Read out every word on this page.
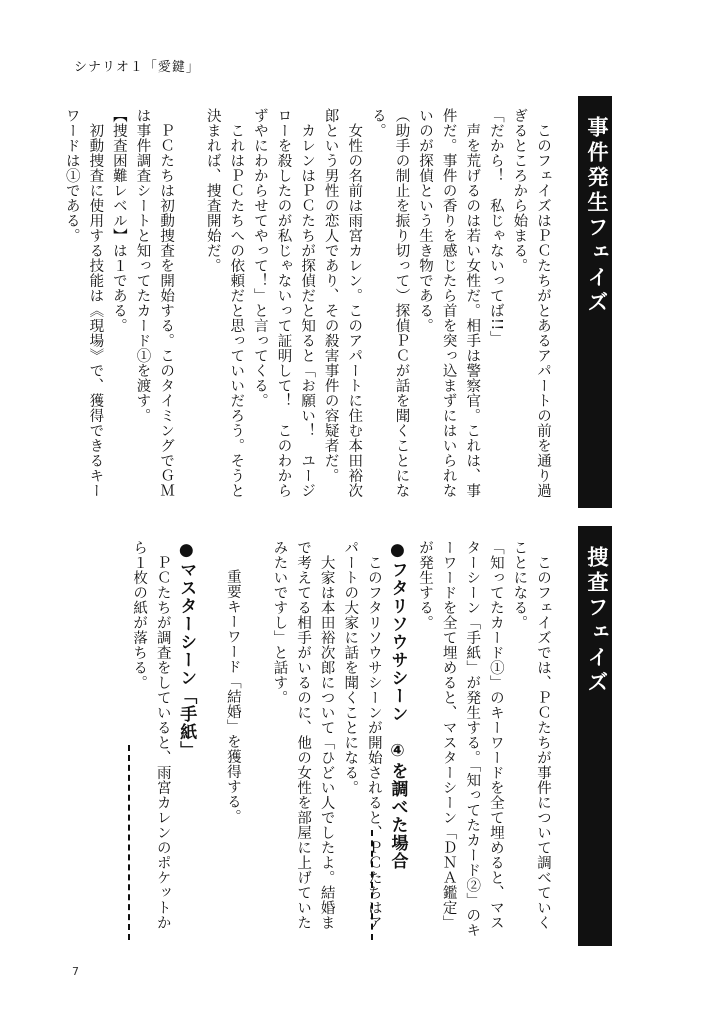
シナリオ１「愛鍵」
事件発生フェイズ

このフェイズはＰＣたちがとあるアパートの前を通り過ぎるところから始まる。

「だから！　私じゃないってば!!」

声を荒げるのは若い女性だ。相手は警察官。これは、事件だ。事件の香りを感じたら首を突っ込まずにはいられないのが探偵という生き物である。

（助手の制止を振り切って）探偵ＰＣが話を聞くことになる。

女性の名前は雨宮カレン。このアパートに住む本田裕次郎という男性の恋人であり、その殺害事件の容疑者だ。

カレンはＰＣたちが探偵だと知ると「お願い！　ユージローを殺したのが私じゃないって証明して！　このわからずやにわからせてやって！」と言ってくる。

これはＰＣたちへの依頼だと思っていいだろう。そうと決まれば、捜査開始だ。

ＰＣたちは初動捜査を開始する。このタイミングでＧＭは事件調査シートと知ってたカード①を渡す。

【捜査困難レベル】は１である。

初動捜査に使用する技能は《現場》で、獲得できるキーワードは①である。

捜査フェイズ

このフェイズでは、ＰＣたちが事件について調べていくことになる。

「知ってたカード①」のキーワードを全て埋めると、マスターシーン「手紙」が発生する。「知ってたカード②」のキーワードを全て埋めると、マスターシーン「ＤＮＡ鑑定」が発生する。

●フタリソウサシーン　④を調べた場合

このフタリソウサシーンが開始されると、ＰＣたちはアパートの大家に話を聞くことになる。

大家は本田裕次郎について「ひどい人でしたよ。結婚まで考えてる相手がいるのに、他の女性を部屋に上げていたみたいですし」と話す。

重要キーワード「結婚」を獲得する。

●マスターシーン「手紙」

ＰＣたちが調査をしていると、雨宮カレンのポケットから１枚の紙が落ちる。

7
